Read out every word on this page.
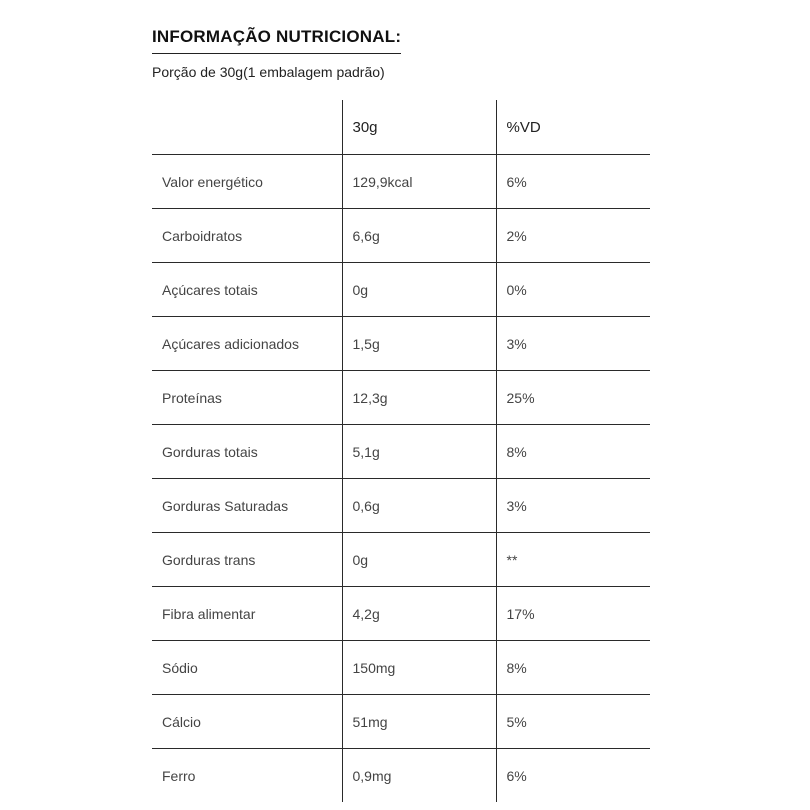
INFORMAÇÃO NUTRICIONAL:
Porção de 30g(1 embalagem padrão)
	30g	%VD
Valor energético	129,9kcal	6%
Carboidratos	6,6g	2%
Açúcares totais	0g	0%
Açúcares adicionados	1,5g	3%
Proteínas	12,3g	25%
Gorduras totais	5,1g	8%
Gorduras Saturadas	0,6g	3%
Gorduras trans	0g	**
Fibra alimentar	4,2g	17%
Sódio	150mg	8%
Cálcio	51mg	5%
Ferro	0,9mg	6%
